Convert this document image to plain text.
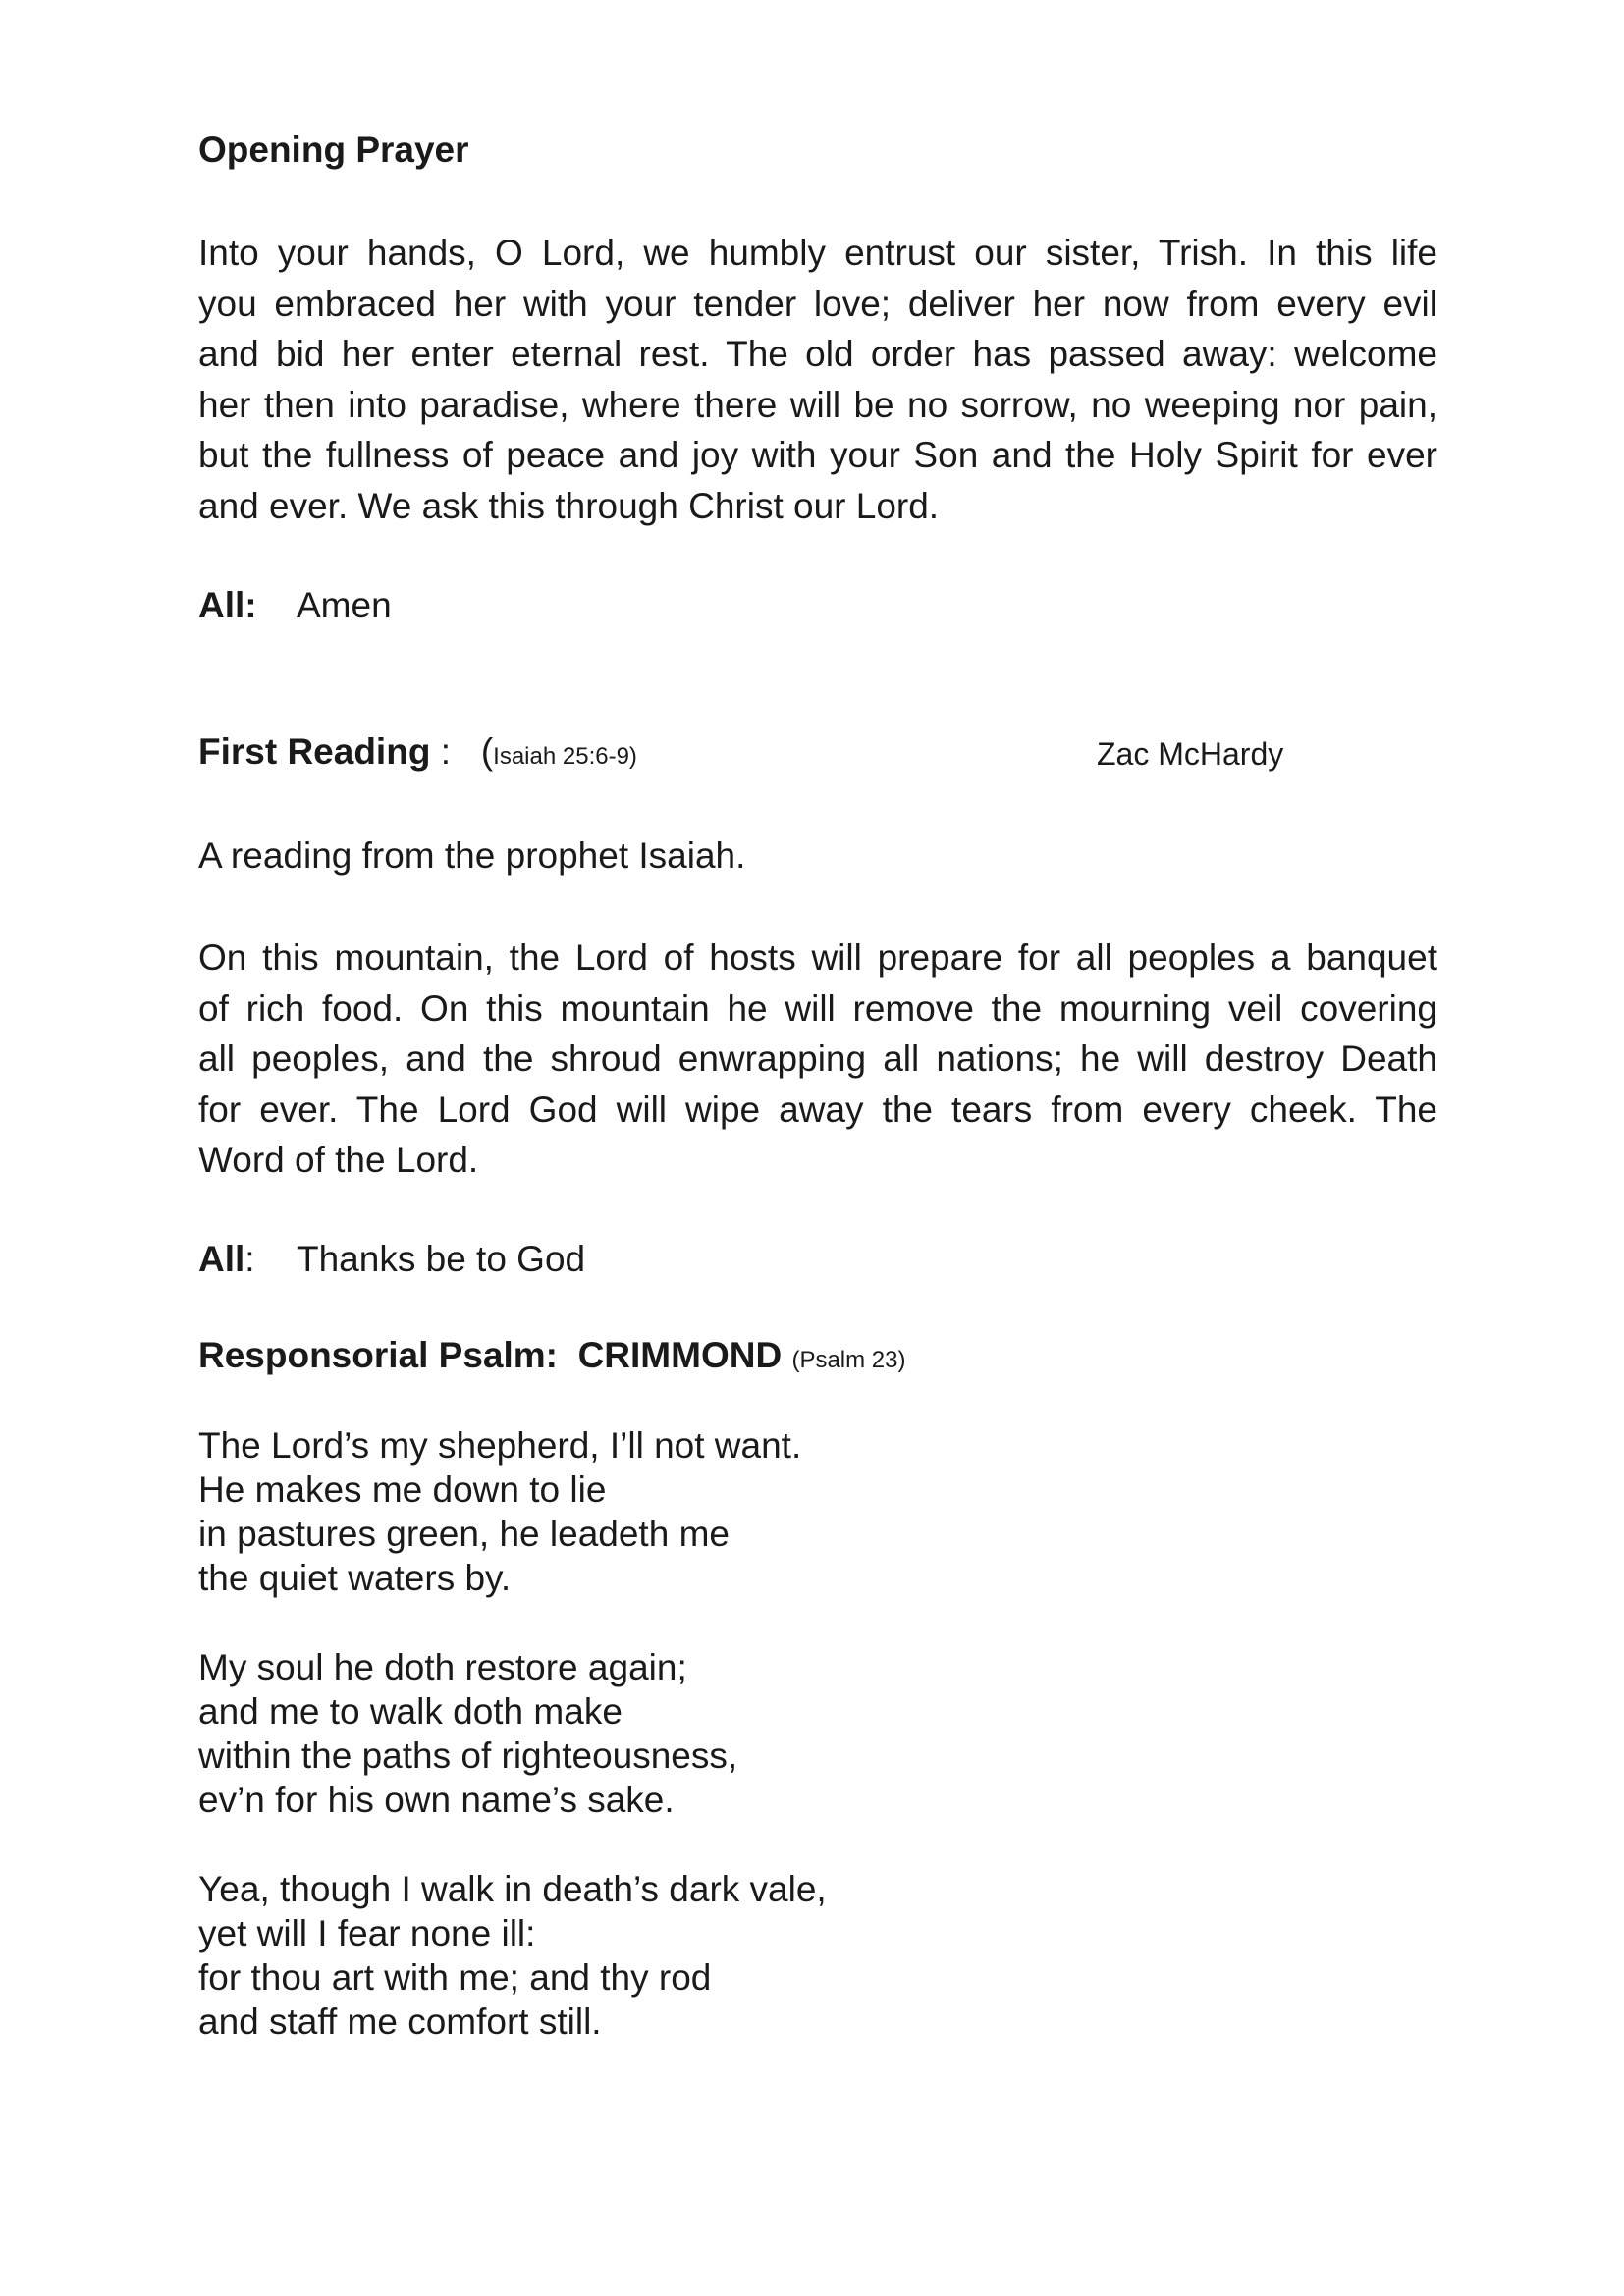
Opening Prayer
Into your hands, O Lord, we humbly entrust our sister, Trish. In this life
you embraced her with your tender love; deliver her now from every evil
and bid her enter eternal rest. The old order has passed away: welcome
her then into paradise, where there will be no sorrow, no weeping nor pain,
but the fullness of peace and joy with your Son and the Holy Spirit for ever
and ever. We ask this through Christ our Lord.
All: Amen
First Reading :   (Isaiah 25:6-9)	Zac McHardy
A reading from the prophet Isaiah.
On this mountain, the Lord of hosts will prepare for all peoples a banquet
of rich food. On this mountain he will remove the mourning veil covering
all peoples, and the shroud enwrapping all nations; he will destroy Death
for ever. The Lord God will wipe away the tears from every cheek. The
Word of the Lord.
All: Thanks be to God
Responsorial Psalm: CRIMMOND (Psalm 23)
The Lord’s my shepherd, I’ll not want.
He makes me down to lie
in pastures green, he leadeth me
the quiet waters by.
My soul he doth restore again;
and me to walk doth make
within the paths of righteousness,
ev’n for his own name’s sake.
Yea, though I walk in death’s dark vale,
yet will I fear none ill:
for thou art with me; and thy rod
and staff me comfort still.
